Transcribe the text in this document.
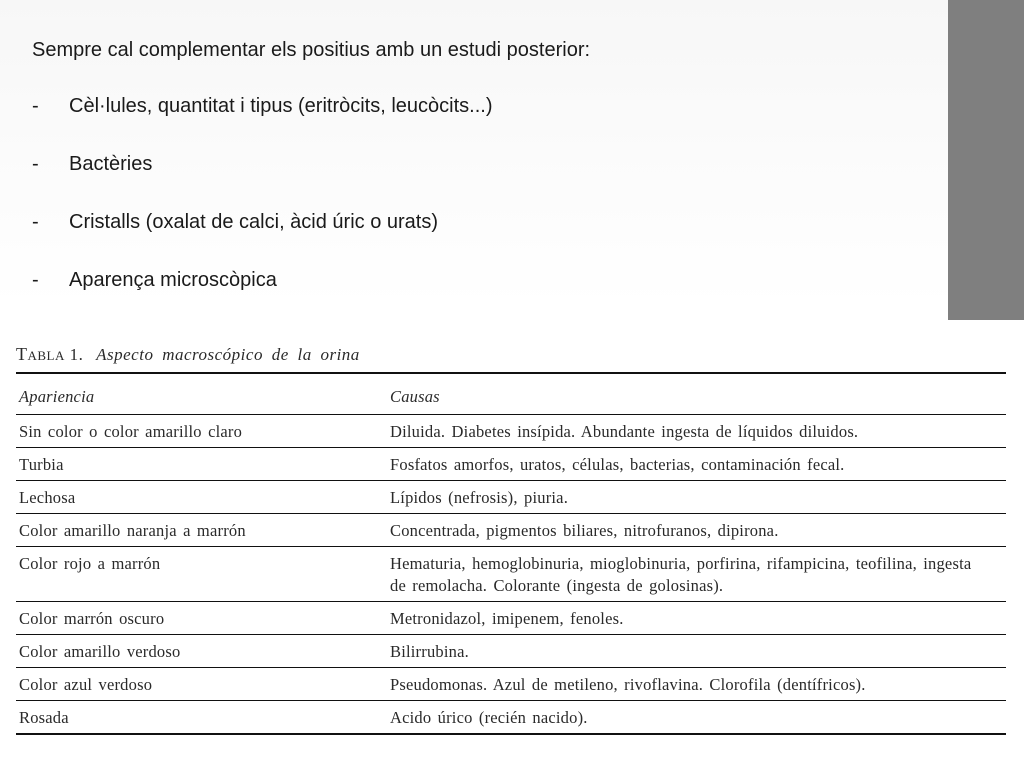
Sempre cal complementar els positius amb un estudi posterior:
-	Cèl·lules, quantitat i tipus (eritròcits, leucòcits...)
-	Bactèries
-	Cristalls (oxalat de calci, àcid úric o urats)
-	Aparença microscòpica
Tabla 1. Aspecto macroscópico de la orina
Apariencia	Causas
Sin color o color amarillo claro	Diluida. Diabetes insípida. Abundante ingesta de líquidos diluidos.
Turbia	Fosfatos amorfos, uratos, células, bacterias, contaminación fecal.
Lechosa	Lípidos (nefrosis), piuria.
Color amarillo naranja a marrón	Concentrada, pigmentos biliares, nitrofuranos, dipirona.
Color rojo a marrón	Hematuria, hemoglobinuria, mioglobinuria, porfirina, rifampicina, teofilina, ingesta de remolacha. Colorante (ingesta de golosinas).
Color marrón oscuro	Metronidazol, imipenem, fenoles.
Color amarillo verdoso	Bilirrubina.
Color azul verdoso	Pseudomonas. Azul de metileno, rivoflavina. Clorofila (dentífricos).
Rosada	Acido úrico (recién nacido).
